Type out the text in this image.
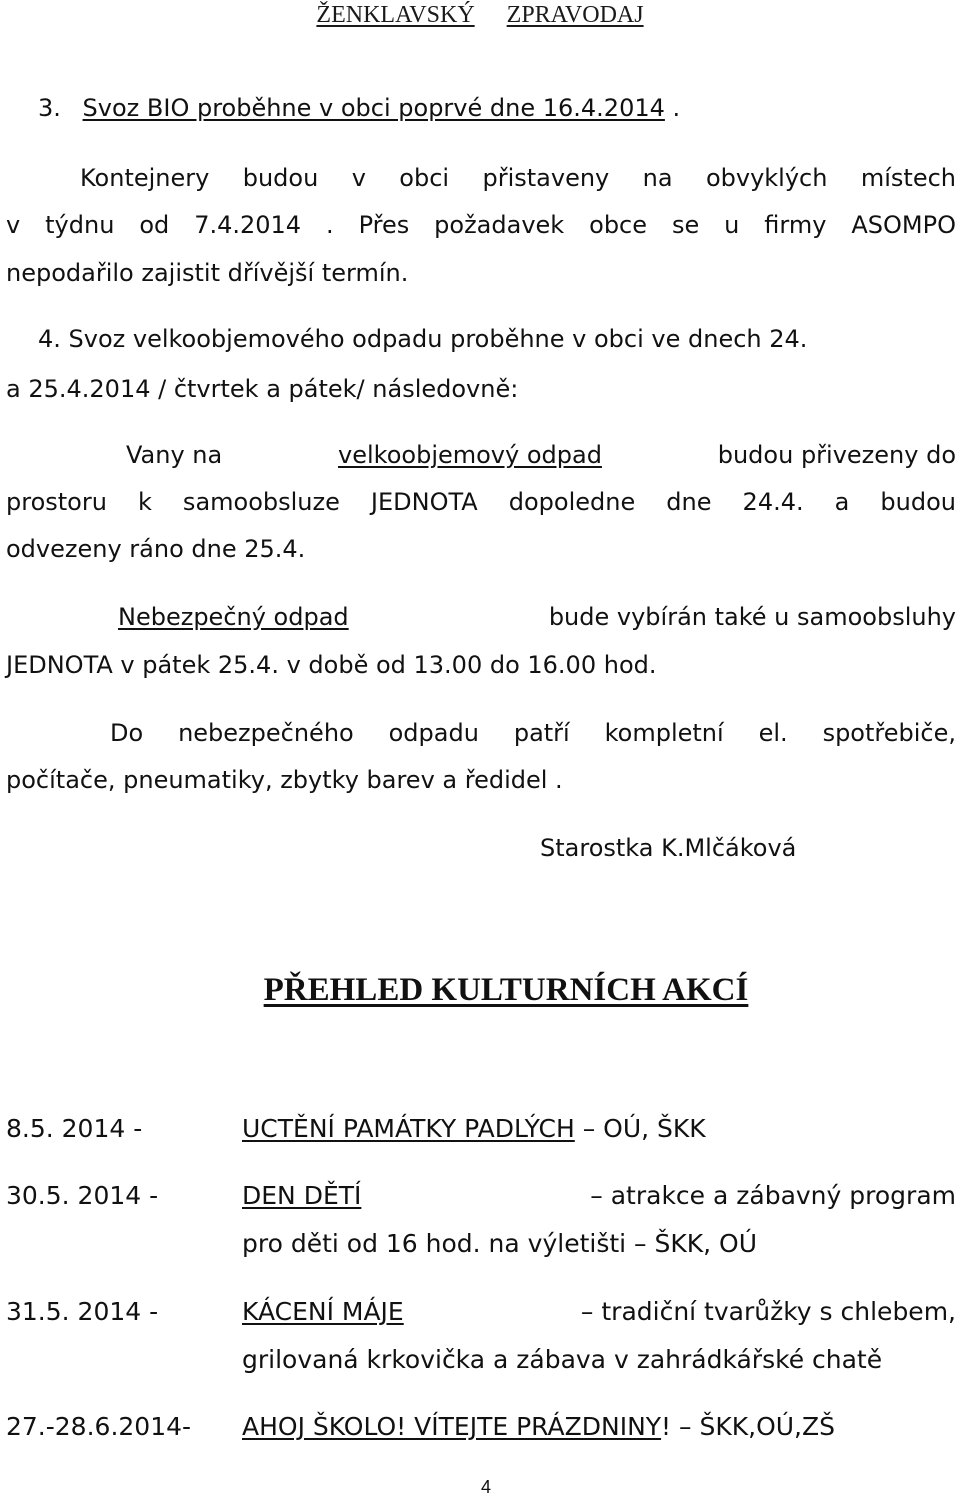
ŽENKLAVSKÝ ZPRAVODAJ
3. Svoz BIO proběhne v obci poprvé dne 16.4.2014 .
Kontejnery budou v obci přistaveny na obvyklých místech
v týdnu od 7.4.2014 . Přes požadavek obce se u firmy ASOMPO
nepodařilo zajistit dřívější termín.
4. Svoz velkoobjemového odpadu proběhne v obci ve dnech 24.
a 25.4.2014 / čtvrtek a pátek/ následovně:
Vany na	velkoobjemový odpad	budou přivezeny do
prostoru k samoobsluze JEDNOTA dopoledne dne 24.4. a budou
odvezeny ráno dne 25.4.
Nebezpečný odpad	bude vybírán také u samoobsluhy
JEDNOTA v pátek 25.4. v době od 13.00 do 16.00 hod.
Do nebezpečného odpadu patří kompletní el. spotřebiče,
počítače, pneumatiky, zbytky barev a ředidel .
Starostka K.Mlčáková
PŘEHLED KULTURNÍCH AKCÍ
8.5. 2014 -	UCTĚNÍ PAMÁTKY PADLÝCH – OÚ, ŠKK
30.5. 2014 -	DEN DĚTÍ	– atrakce a zábavný program
pro děti od 16 hod. na výletišti – ŠKK, OÚ
31.5. 2014 -	KÁCENÍ MÁJE	– tradiční tvarůžky s chlebem,
grilovaná krkovička a zábava v zahrádkářské chatě
27.-28.6.2014- AHOJ ŠKOLO! VÍTEJTE PRÁZDNINY! – ŠKK,OÚ,ZŠ
4
